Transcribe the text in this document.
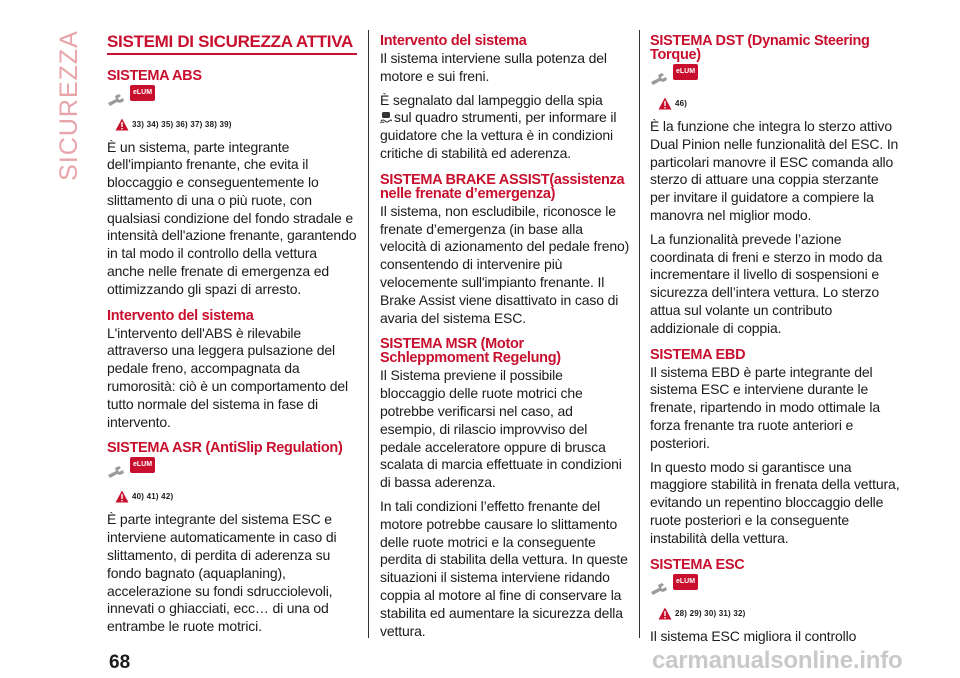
SICUREZZA SISTEMI DI SICUREZZA ATTIVA
SISTEMA ABS
eLUM
33) 34) 35) 36) 37) 38) 39)

È un sistema, parte integrante dell'impianto frenante, che evita il bloccaggio e conseguentemente lo slittamento di una o più ruote, con qualsiasi condizione del fondo stradale e intensità dell'azione frenante, garantendo in tal modo il controllo della vettura anche nelle frenate di emergenza ed ottimizzando gli spazi di arresto.

Intervento del sistema

L'intervento dell'ABS è rilevabile attraverso una leggera pulsazione del pedale freno, accompagnata da rumorosità: ciò è un comportamento del tutto normale del sistema in fase di intervento.

SISTEMA ASR (AntiSlip Regulation)
eLUM
40) 41) 42)

È parte integrante del sistema ESC e interviene automaticamente in caso di slittamento, di perdita di aderenza su fondo bagnato (aquaplaning), accelerazione su fondi sdrucciolevoli, innevati o ghiacciati, ecc… di una od entrambe le ruote motrici.

Intervento del sistema

Il sistema interviene sulla potenza del motore e sui freni.

È segnalato dal lampeggio della spia
sul quadro strumenti, per informare il guidatore che la vettura è in condizioni critiche di stabilità ed aderenza.

SISTEMA BRAKE ASSIST(assistenza nelle frenate d’emergenza)

Il sistema, non escludibile, riconosce le frenate d’emergenza (in base alla velocità di azionamento del pedale freno) consentendo di intervenire più velocemente sull'impianto frenante. Il Brake Assist viene disattivato in caso di avaria del sistema ESC.

SISTEMA MSR (Motor Schleppmoment Regelung)

Il Sistema previene il possibile bloccaggio delle ruote motrici che potrebbe verificarsi nel caso, ad esempio, di rilascio improvviso del pedale acceleratore oppure di brusca scalata di marcia effettuate in condizioni di bassa aderenza.

In tali condizioni l’effetto frenante del motore potrebbe causare lo slittamento delle ruote motrici e la conseguente perdita di stabilita della vettura. In queste situazioni il sistema interviene ridando coppia al motore al fine di conservare la stabilita ed aumentare la sicurezza della vettura.

SISTEMA DST (Dynamic Steering Torque)
eLUM
46)

È la funzione che integra lo sterzo attivo Dual Pinion nelle funzionalità del ESC. In particolari manovre il ESC comanda allo sterzo di attuare una coppia sterzante per invitare il guidatore a compiere la manovra nel miglior modo.

La funzionalità prevede l’azione coordinata di freni e sterzo in modo da incrementare il livello di sospensioni e sicurezza dell’intera vettura. Lo sterzo attua sul volante un contributo addizionale di coppia.

SISTEMA EBD

Il sistema EBD è parte integrante del sistema ESC e interviene durante le frenate, ripartendo in modo ottimale la forza frenante tra ruote anteriori e posteriori.

In questo modo si garantisce una maggiore stabilità in frenata della vettura, evitando un repentino bloccaggio delle ruote posteriori e la conseguente instabilità della vettura.

SISTEMA ESC
eLUM
28) 29) 30) 31) 32)

Il sistema ESC migliora il controllo

68	carmanualsonline.info
